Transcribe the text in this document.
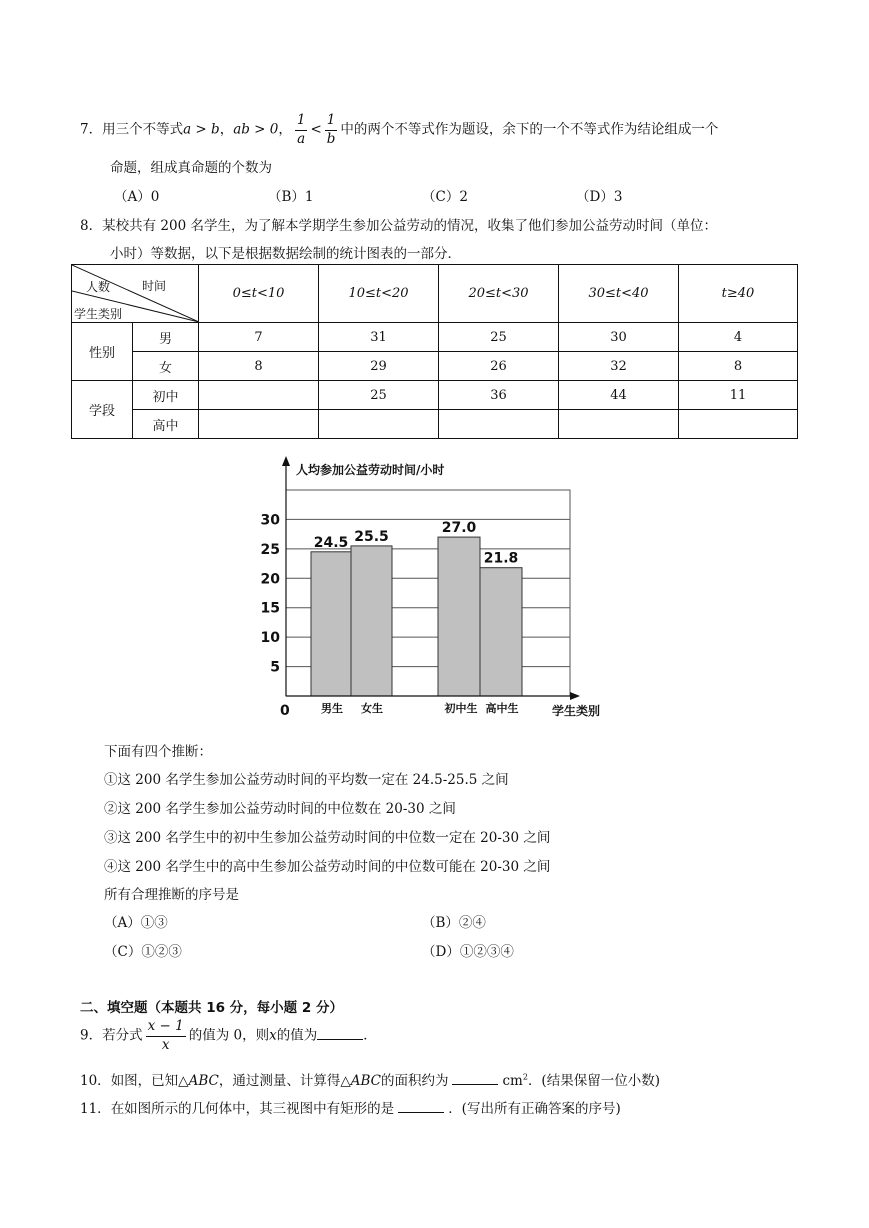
7．用三个不等式a > b，ab > 0， $\frac{1}{a} < \frac{1}{b}$ 中的两个不等式作为题设，余下的一个不等式作为结论组成一个
命题，组成真命题的个数为
（A）0	（B）1	（C）2	（D）3
8．某校共有 200 名学生，为了解本学期学生参加公益劳动的情况，收集了他们参加公益劳动时间（单位：
小时）等数据，以下是根据数据绘制的统计图表的一部分．
人数 时间
学生类别		0≤t<10	10≤t<20	20≤t<30	30≤t<40	t≥40
性别	男	7	31	25	30	4
	女	8	29	26	32	8
学段	初中		25	36	44	11
	高中					
5
10
15
20
25
30
24.5 25.5
27.0
21.8
男生 女生	初中生 高中生
人均参加公益劳动时间/小时
学生类别
0
下面有四个推断：
①这 200 名学生参加公益劳动时间的平均数一定在 24.5-25.5 之间
②这 200 名学生参加公益劳动时间的中位数在 20-30 之间
③这 200 名学生中的初中生参加公益劳动时间的中位数一定在 20-30 之间
④这 200 名学生中的高中生参加公益劳动时间的中位数可能在 20-30 之间
所有合理推断的序号是
（A）①③	（B）②④
（C）①②③	（D）①②③④
二、填空题（本题共 16 分，每小题 2 分）
9．若分式 $\frac{x - 1}{x}$ 的值为 0，则x的值为	．
10．如图，已知△ABC，通过测量、计算得△ABC的面积约为	$cm^2$．(结果保留一位小数)
11．在如图所示的几何体中，其三视图中有矩形的是	．(写出所有正确答案的序号)
